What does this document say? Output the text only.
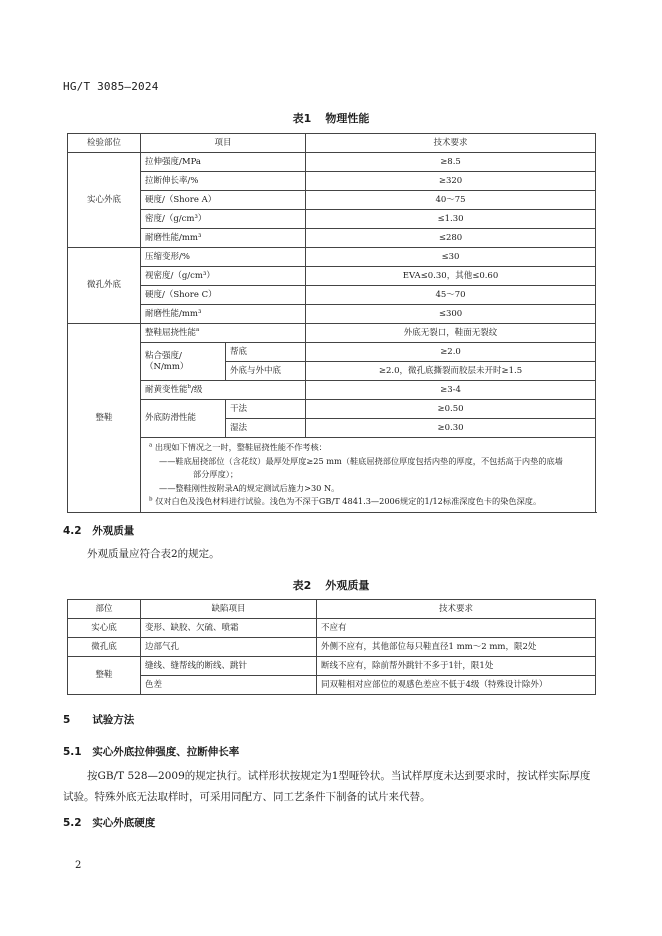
HG/T 3085—2024
表1 物理性能
检验部位	项目		技术要求
实心外底	拉伸强度/MPa		≥8.5
	拉断伸长率/%		≥320
	硬度/（Shore A）		40～75
	密度/（g/cm³）		≤1.30
	耐磨性能/mm³		≤280
微孔外底	压缩变形/%		≤30
	视密度/（g/cm³）		EVA≤0.30，其他≤0.60
	硬度/（Shore C）		45～70
	耐磨性能/mm³		≤300
整鞋	整鞋屈挠性能$^a$		外底无裂口，鞋面无裂纹
	粘合强度/（N/mm）	帮底	≥2.0
		外底与外中底	≥2.0，微孔底撕裂而胶层未开时≥1.5
	耐黄变性能$^b$/级		≥3-4
	外底防滑性能	干法	≥0.50
		湿法	≥0.30

	$^a$ 出现如下情况之一时，整鞋屈挠性能不作考核：
——鞋底屈挠部位（含花纹）最厚处厚度≥25 mm（鞋底屈挠部位厚度包括内垫的厚度，不包括高于内垫的底墙
部分厚度）；
——整鞋刚性按附录A的规定测试后施力>30 N。
$^b$ 仅对白色及浅色材料进行试验。浅色为不深于GB/T 4841.3—2006规定的1/12标准深度色卡的染色深度。		
4.2 外观质量
外观质量应符合表2的规定。
表2 外观质量
部位	缺陷项目	技术要求
实心底	变形、缺胶、欠硫、喷霜	不应有
微孔底	边部气孔	外侧不应有，其他部位每只鞋直径1 mm～2 mm，限2处
整鞋	缝线、缝帮线的断线、跳针	断线不应有，除前帮外跳针不多于1针，限1处
	色差	同双鞋相对应部位的观感色差应不低于4级（特殊设计除外）
5 试验方法
5.1 实心外底拉伸强度、拉断伸长率
按GB/T 528—2009的规定执行。试样形状按规定为1型哑铃状。当试样厚度未达到要求时，按试样实际厚度试验。特殊外底无法取样时，可采用同配方、同工艺条件下制备的试片来代替。
5.2 实心外底硬度
2
